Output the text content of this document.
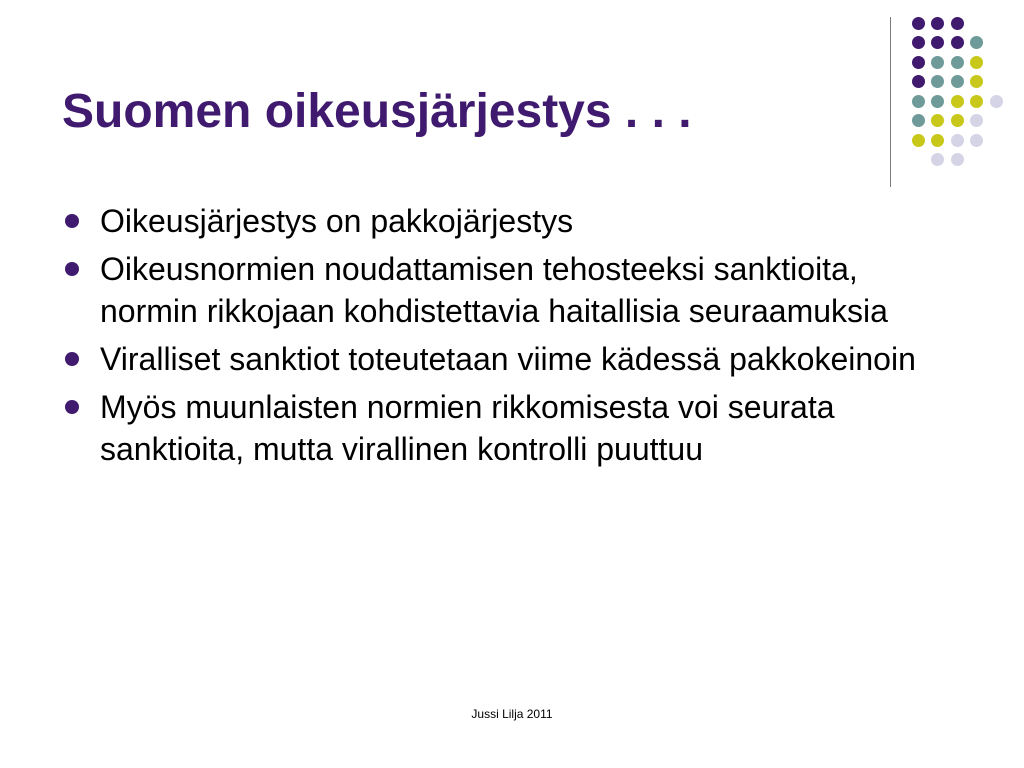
Suomen oikeusjärjestys . . .
Oikeusjärjestys on pakkojärjestys
Oikeusnormien noudattamisen tehosteeksi sanktioita, normin rikkojaan kohdistettavia haitallisia seuraamuksia
Viralliset sanktiot toteutetaan viime kädessä pakkokeinoin
Myös muunlaisten normien rikkomisesta voi seurata sanktioita, mutta virallinen kontrolli puuttuu
Jussi Lilja 2011
